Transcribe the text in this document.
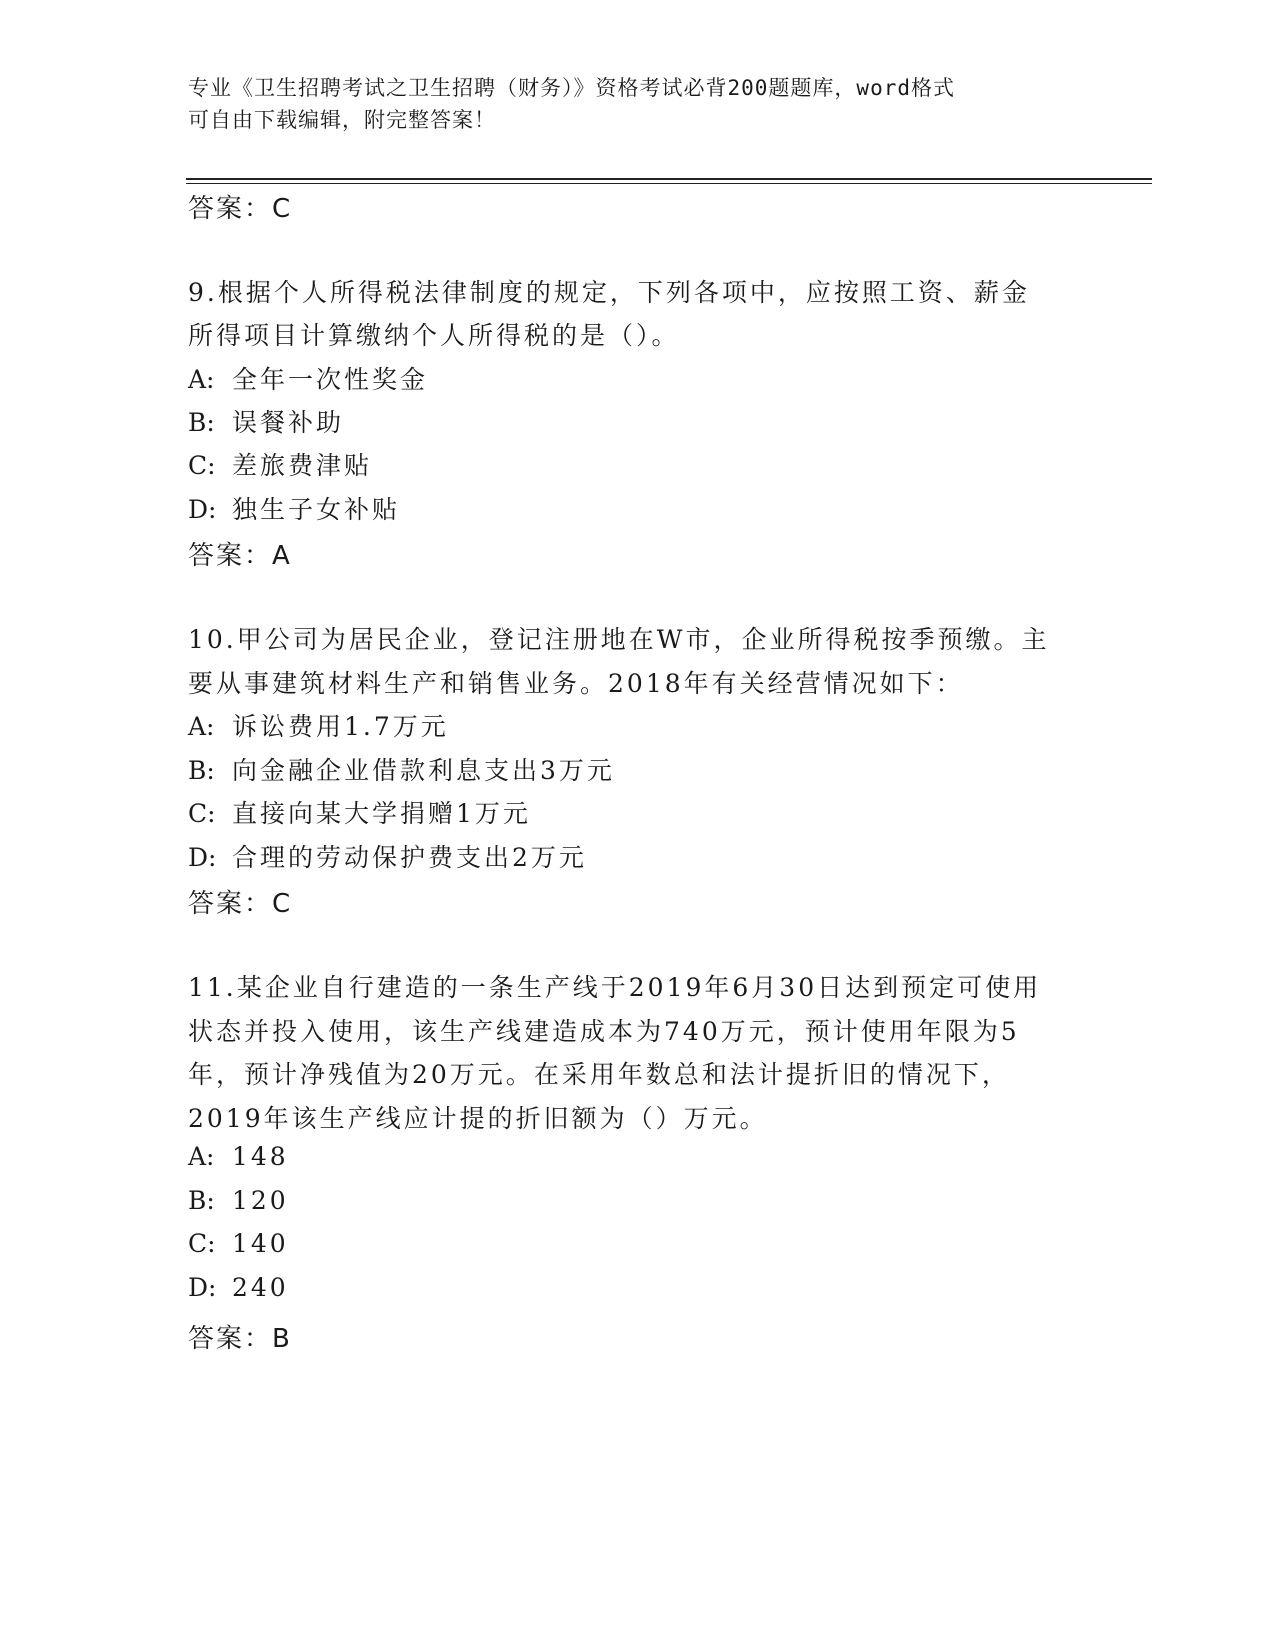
专业《卫生招聘考试之卫生招聘（财务）》资格考试必背200题题库，word格式
可自由下载编辑，附完整答案！
答案：C
9.根据个人所得税法律制度的规定，下列各项中，应按照工资、薪金
所得项目计算缴纳个人所得税的是（）。
A: 全年一次性奖金
B: 误餐补助
C: 差旅费津贴
D: 独生子女补贴
答案：A
10.甲公司为居民企业，登记注册地在W市，企业所得税按季预缴。主
要从事建筑材料生产和销售业务。2018年有关经营情况如下：
A: 诉讼费用1.7万元
B: 向金融企业借款利息支出3万元
C: 直接向某大学捐赠1万元
D: 合理的劳动保护费支出2万元
答案：C
11.某企业自行建造的一条生产线于2019年6月30日达到预定可使用
状态并投入使用，该生产线建造成本为740万元，预计使用年限为5
年，预计净残值为20万元。在采用年数总和法计提折旧的情况下，
2019年该生产线应计提的折旧额为（）万元。
A: 148
B: 120
C: 140
D: 240
答案：B
